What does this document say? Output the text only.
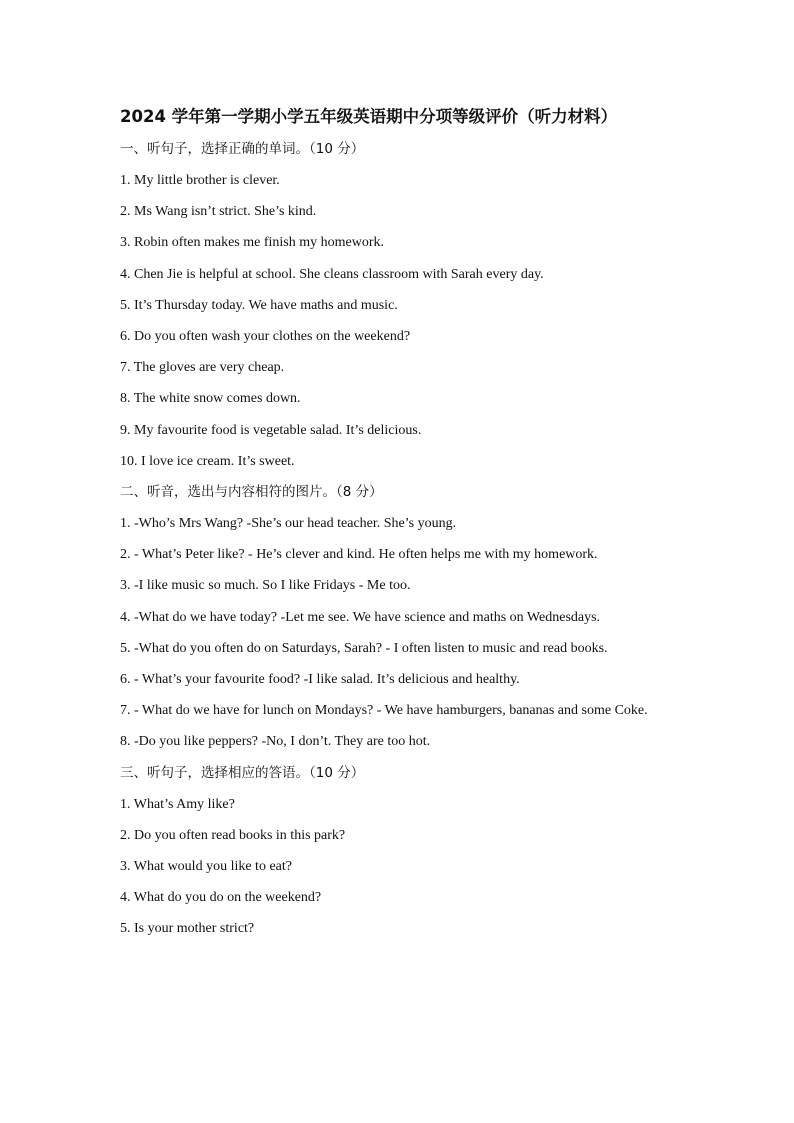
2024 学年第一学期小学五年级英语期中分项等级评价（听力材料）
一、听句子，选择正确的单词。（10 分）
1. My little brother is clever.
2. Ms Wang isn’t strict. She’s kind.
3. Robin often makes me finish my homework.
4. Chen Jie is helpful at school. She cleans classroom with Sarah every day.
5. It’s Thursday today. We have maths and music.
6. Do you often wash your clothes on the weekend?
7. The gloves are very cheap.
8. The white snow comes down.
9. My favourite food is vegetable salad. It’s delicious.
10. I love ice cream. It’s sweet.
二、听音，选出与内容相符的图片。（8 分）
1. -Who’s Mrs Wang? -She’s our head teacher. She’s young.
2. - What’s Peter like? - He’s clever and kind. He often helps me with my homework.
3. -I like music so much. So I like Fridays - Me too.
4. -What do we have today? -Let me see. We have science and maths on Wednesdays.
5. -What do you often do on Saturdays, Sarah? - I often listen to music and read books.
6. - What’s your favourite food? -I like salad. It’s delicious and healthy.
7. - What do we have for lunch on Mondays? - We have hamburgers, bananas and some Coke.
8. -Do you like peppers? -No, I don’t. They are too hot.
三、听句子，选择相应的答语。（10 分）
1. What’s Amy like?
2. Do you often read books in this park?
3. What would you like to eat?
4. What do you do on the weekend?
5. Is your mother strict?
